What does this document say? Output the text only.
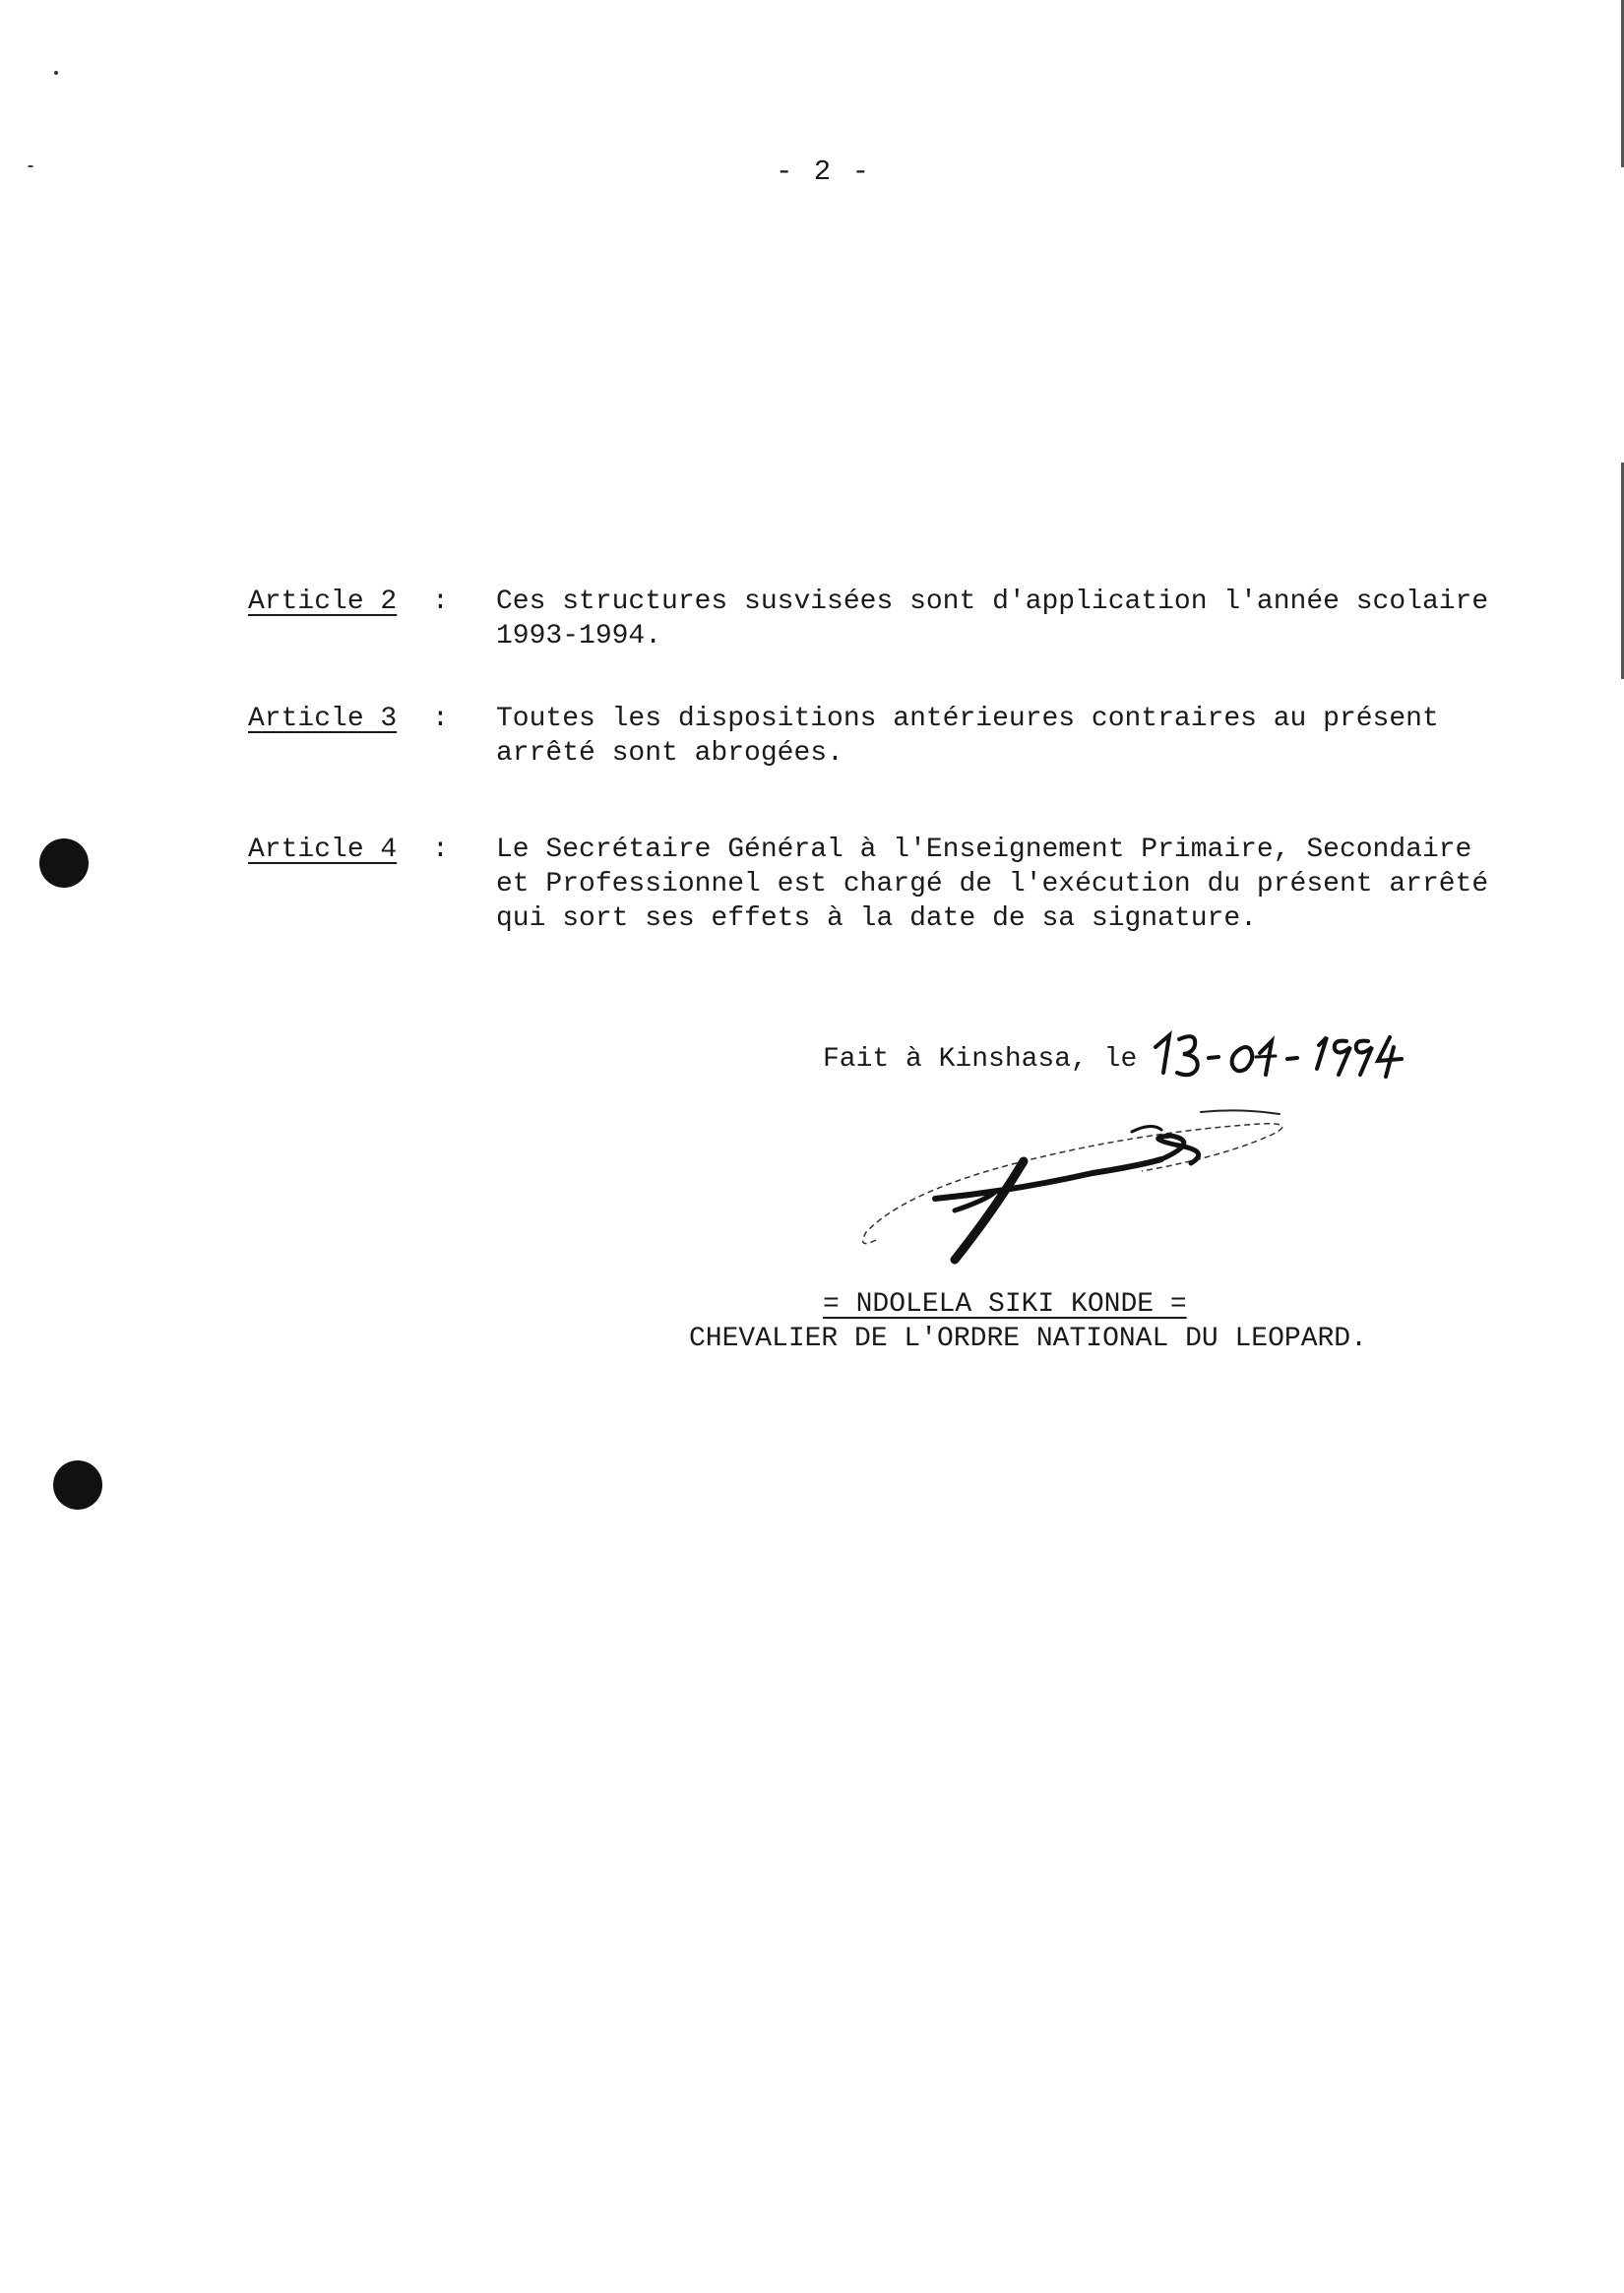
- 2 -
Article 2 : Ces structures susvisées sont d'application l'année scolaire
1993-1994.
Article 3 : Toutes les dispositions antérieures contraires au présent
arrêté sont abrogées.
Article 4 : Le Secrétaire Général à l'Enseignement Primaire, Secondaire
et Professionnel est chargé de l'exécution du présent arrêté
qui sort ses effets à la date de sa signature.
Fait à Kinshasa, le
= NDOLELA SIKI KONDE =
CHEVALIER DE L'ORDRE NATIONAL DU LEOPARD.
